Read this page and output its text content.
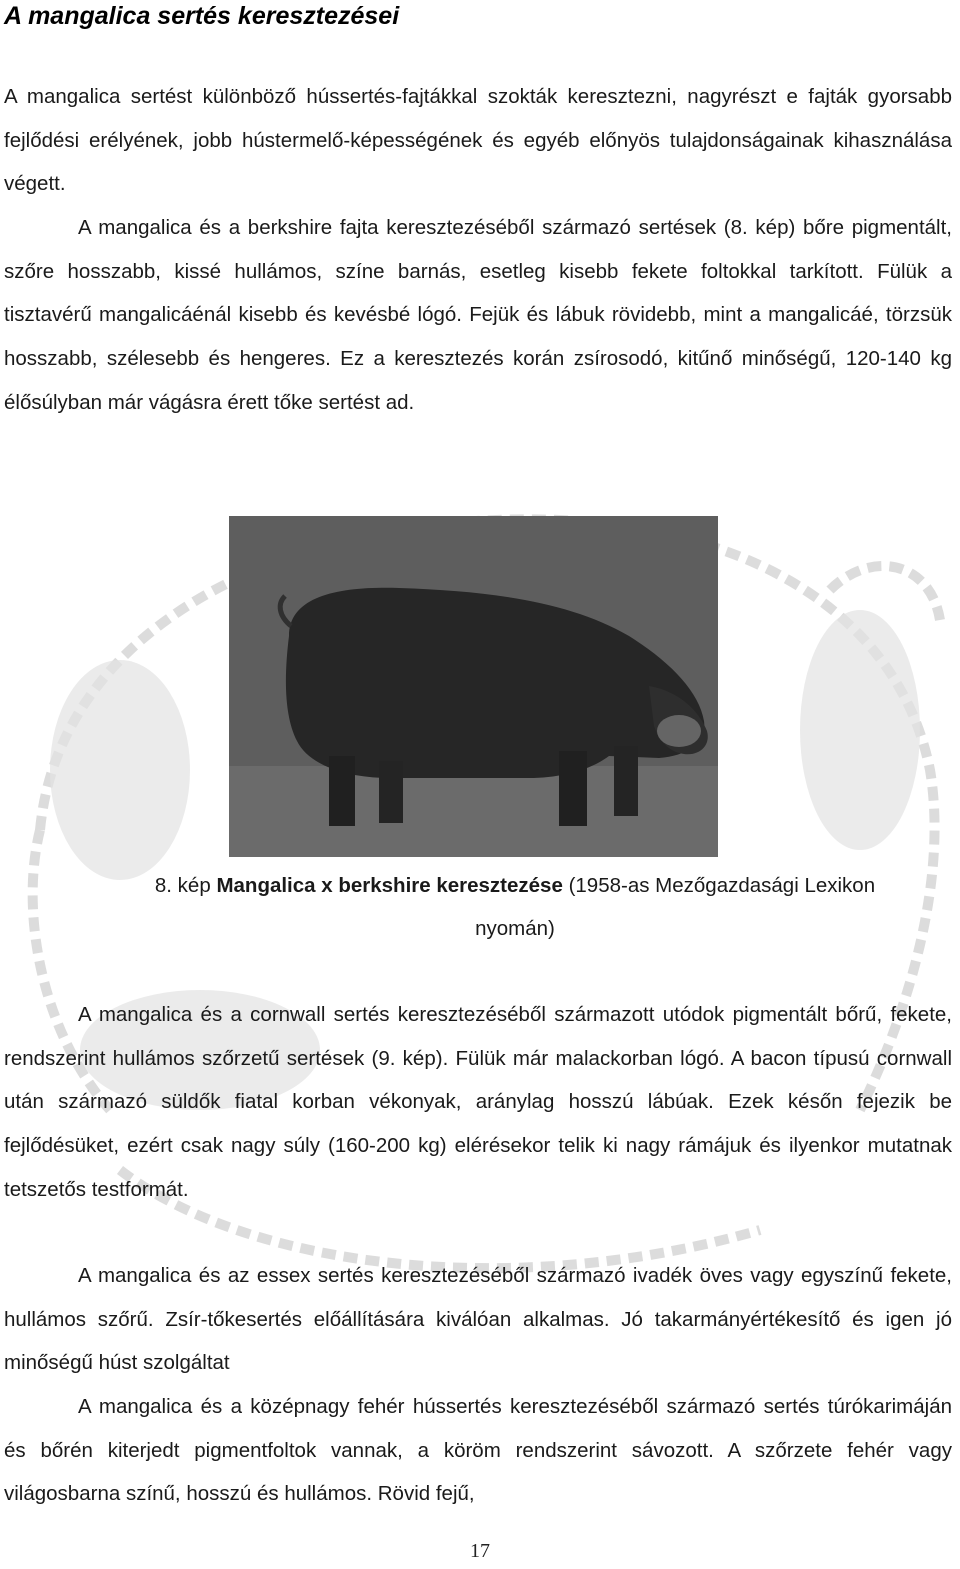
A mangalica sertés keresztezései

A mangalica sertést különböző hússertés-fajtákkal szokták keresztezni, nagyrészt e fajták gyorsabb fejlődési erélyének, jobb hústermelő-képességének és egyéb előnyös tulajdonságainak kihasználása végett.

A mangalica és a berkshire fajta keresztezéséből származó sertések (8. kép) bőre pigmentált, szőre hosszabb, kissé hullámos, színe barnás, esetleg kisebb fekete foltokkal tarkított. Fülük a tisztavérű mangalicáénál kisebb és kevésbé lógó. Fejük és lábuk rövidebb, mint a mangalicáé, törzsük hosszabb, szélesebb és hengeres. Ez a keresztezés korán zsírosodó, kitűnő minőségű, 120-140 kg élősúlyban már vágásra érett tőke sertést ad.

8. kép Mangalica x berkshire keresztezése (1958-as Mezőgazdasági Lexikon
nyomán)

A mangalica és a cornwall sertés keresztezéséből származott utódok pigmentált bőrű, fekete, rendszerint hullámos szőrzetű sertések (9. kép). Fülük már malackorban lógó. A bacon típusú cornwall után származó süldők fiatal korban vékonyak, aránylag hosszú lábúak. Ezek későn fejezik be fejlődésüket, ezért csak nagy súly (160-200 kg) elérésekor telik ki nagy rámájuk és ilyenkor mutatnak tetszetős testformát.

A mangalica és az essex sertés keresztezéséből származó ivadék öves vagy egyszínű fekete, hullámos szőrű. Zsír-tőkesertés előállítására kiválóan alkalmas. Jó takarmányértékesítő és igen jó minőségű húst szolgáltat

A mangalica és a középnagy fehér hússertés keresztezéséből származó sertés túrókarimáján és bőrén kiterjedt pigmentfoltok vannak, a köröm rendszerint sávozott. A szőrzete fehér vagy világosbarna színű, hosszú és hullámos. Rövid fejű,

17
